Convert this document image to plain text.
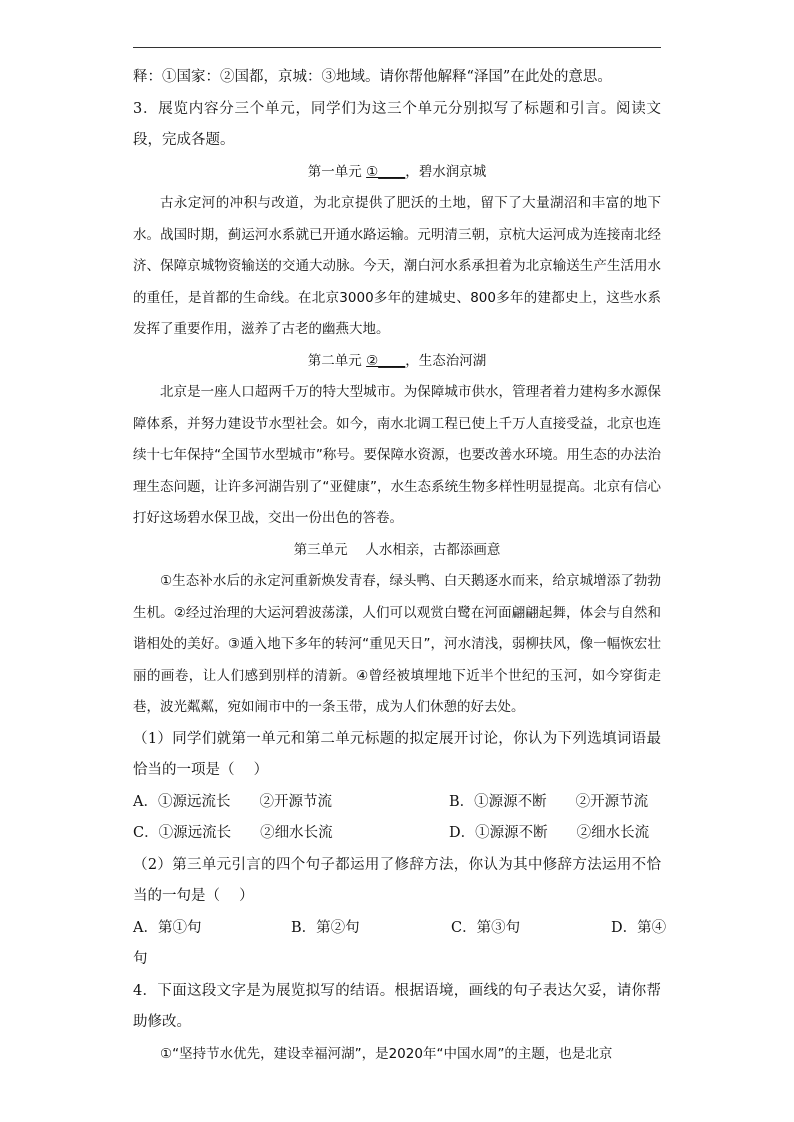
释：①国家：②国都，京城：③地域。请你帮他解释“泽国”在此处的意思。
3．展览内容分三个单元，同学们为这三个单元分别拟写了标题和引言。阅读文段，完成各题。
第一单元 ①____，碧水润京城
古永定河的冲积与改道，为北京提供了肥沃的土地，留下了大量湖沼和丰富的地下水。战国时期，蓟运河水系就已开通水路运输。元明清三朝，京杭大运河成为连接南北经济、保障京城物资输送的交通大动脉。今天，潮白河水系承担着为北京输送生产生活用水的重任，是首都的生命线。在北京3000多年的建城史、800多年的建都史上，这些水系发挥了重要作用，滋养了古老的幽燕大地。
第二单元 ②____，生态治河湖
北京是一座人口超两千万的特大型城市。为保障城市供水，管理者着力建构多水源保障体系，并努力建设节水型社会。如今，南水北调工程已使上千万人直接受益，北京也连续十七年保持“全国节水型城市”称号。要保障水资源，也要改善水环境。用生态的办法治理生态问题，让许多河湖告别了“亚健康”，水生态系统生物多样性明显提高。北京有信心打好这场碧水保卫战，交出一份出色的答卷。
第三单元　 人水相亲，古都添画意
①生态补水后的永定河重新焕发青春，绿头鸭、白天鹅逐水而来，给京城增添了勃勃生机。②经过治理的大运河碧波荡漾，人们可以观赏白鹭在河面翩翩起舞，体会与自然和谐相处的美好。③遁入地下多年的转河“重见天日”，河水清浅，弱柳扶风，像一幅恢宏壮丽的画卷，让人们感到别样的清新。④曾经被填埋地下近半个世纪的玉河，如今穿街走巷，波光粼粼，宛如闹市中的一条玉带，成为人们休憩的好去处。
（1）同学们就第一单元和第二单元标题的拟定展开讨论，你认为下列选填词语最恰当的一项是（　 ）
A．①源远流长　　②开源节流	B．①源源不断　　②开源节流
C．①源远流长　　②细水长流	D．①源源不断　　②细水长流
（2）第三单元引言的四个句子都运用了修辞方法，你认为其中修辞方法运用不恰当的一句是（　 ）
A．第①句	B．第②句	C．第③句	D．第④
句
4．下面这段文字是为展览拟写的结语。根据语境，画线的句子表达欠妥，请你帮助修改。
①“坚持节水优先，建设幸福河湖”，是2020年“中国水周”的主题，也是北京
